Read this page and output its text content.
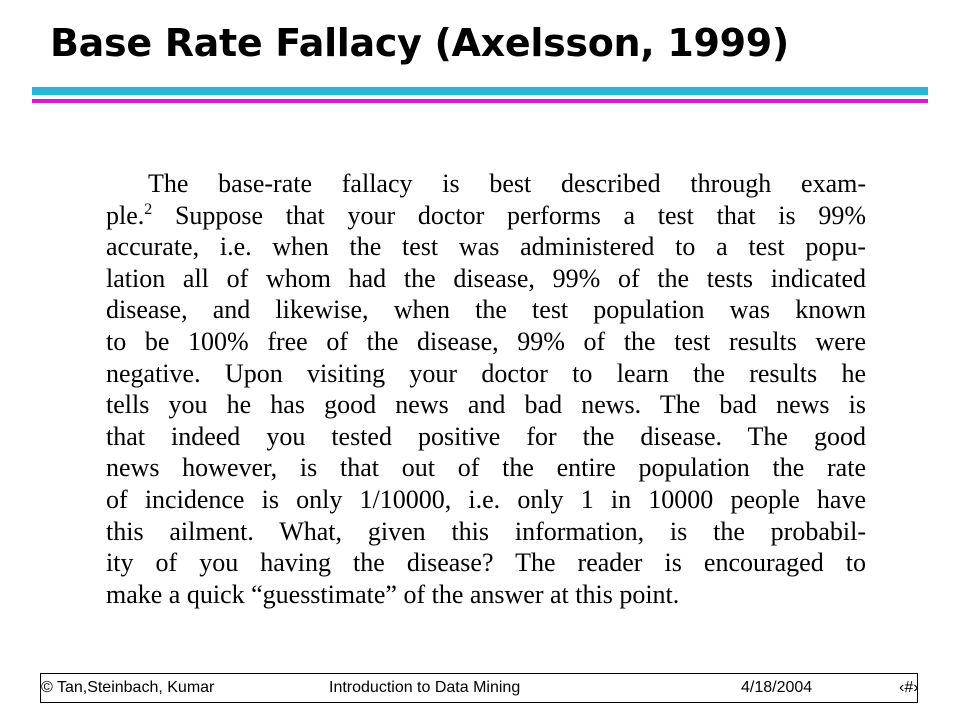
Base Rate Fallacy (Axelsson, 1999)

The base-rate fallacy is best described through exam-

ple.$^2$ Suppose that your doctor performs a test that is 99%

accurate, i.e. when the test was administered to a test popu-

lation all of whom had the disease, 99% of the tests indicated

disease, and likewise, when the test population was known

to be 100% free of the disease, 99% of the test results were

negative. Upon visiting your doctor to learn the results he

tells you he has good news and bad news. The bad news is

that indeed you tested positive for the disease. The good

news however, is that out of the entire population the rate

of incidence is only 1/10000, i.e. only 1 in 10000 people have

this ailment. What, given this information, is the probabil-

ity of you having the disease? The reader is encouraged to

make a quick “guesstimate” of the answer at this point.

© Tan,Steinbach, Kumar	Introduction to Data Mining	4/18/2004	‹#›
